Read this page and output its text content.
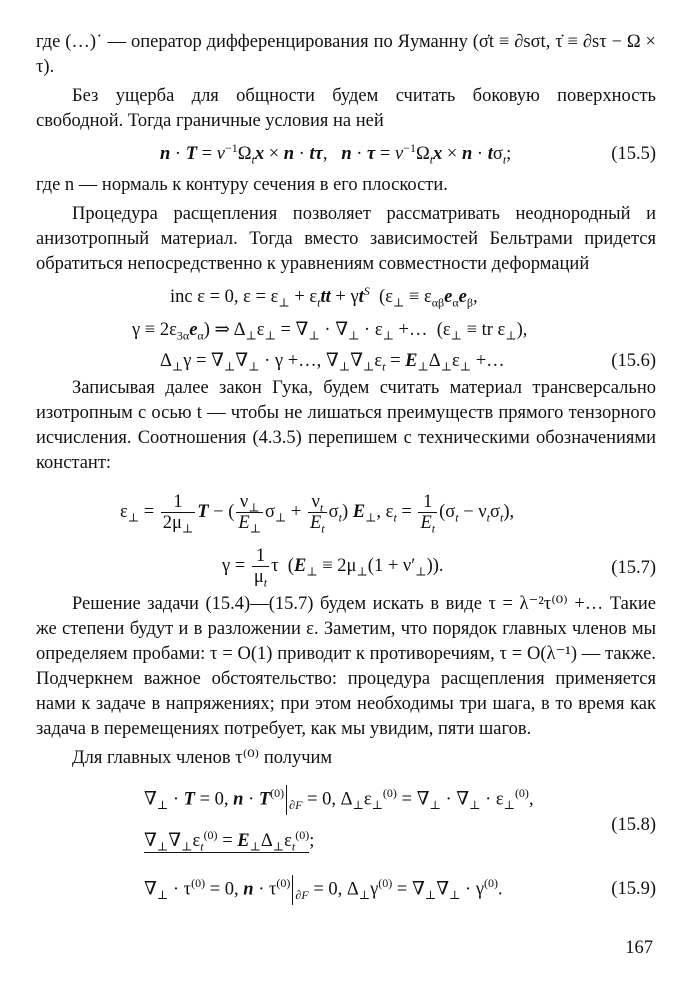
где (…)˙ — оператор дифференцирования по Яуманну (σ̇t ≡ ∂sσt, τ̇ ≡ ∂sτ − Ω × τ).

Без ущерба для общности будем считать боковую поверхность свободной. Тогда граничные условия на ней

$n \cdot T = v^{-1}\Omega_tx \times n \cdot t\tau$,   $n \cdot \tau = v^{-1}\Omega_tx \times n \cdot t\sigma_t$;	(15.5)

где n — нормаль к контуру сечения в его плоскости.

Процедура расщепления позволяет рассматривать неоднородный и анизотропный материал. Тогда вместо зависимостей Бельтрами придется обратиться непосредственно к уравнениям совместности деформаций

inc ε = 0, $\varepsilon = \varepsilon_\perp + \varepsilon_ttt + \gamma t^S$  ($\varepsilon_\perp \equiv \varepsilon_{\alpha\beta}e_\alpha e_\beta$,
$\gamma \equiv 2\varepsilon_{3\alpha}e_\alpha$) ⇒ $\Delta_\perp\varepsilon_\perp = \nabla_\perp \cdot \nabla_\perp \cdot \varepsilon_\perp$ +…  ($\varepsilon_\perp$ ≡ tr $\varepsilon_\perp$),
$\Delta_\perp\gamma = \nabla_\perp\nabla_\perp \cdot \gamma$ +…, $\nabla_\perp\nabla_\perp\varepsilon_t = E_\perp\Delta_\perp\varepsilon_\perp$ +…	(15.6)

Записывая далее закон Гука, будем считать материал трансверсально изотропным с осью t — чтобы не лишаться преимуществ прямого тензорного исчисления. Соотношения (4.3.5) перепишем с техническими обозначениями констант:

$\varepsilon_\perp = \frac{1}{2\mu_\perp}$ T − ( $\frac{\nu_\perp}{E_\perp} \sigma_\perp + \frac{\nu_t}{E_t} \sigma_t$) $E_\perp$, $\varepsilon_t = \frac{1}{E_t} (\sigma_t - \nu_t\sigma_t)$,
$\gamma = \frac{1}{\mu_t}$ τ  $(E_\perp \equiv 2\mu_\perp(1 + \nu'_\perp))$.	(15.7)

Решение задачи (15.4)—(15.7) будем искать в виде τ = λ⁻²τ⁽⁰⁾ +… Такие же степени будут и в разложении ε. Заметим, что порядок главных членов мы определяем пробами: τ = O(1) приводит к противоречиям, τ = O(λ⁻¹) — также. Подчеркнем важное обстоятельство: процедура расщепления применяется нами к задаче в напряжениях; при этом необходимы три шага, в то время как задача в перемещениях потребует, как мы увидим, пяти шагов.

Для главных членов τ⁽⁰⁾ получим

$\nabla_\perp \cdot T = 0$, $n \cdot T^{(0)}_{\partial F} = 0$, $\Delta_\perp\varepsilon_\perp^{(0)} = \nabla_\perp \cdot \nabla_\perp \cdot \varepsilon_\perp^{(0)}$,
$\nabla_\perp\nabla_\perp\varepsilon_t^{(0)} = E_\perp\Delta_\perp\varepsilon_t^{(0)}$;
(15.8)
$\nabla_\perp \cdot \tau^{(0)} = 0$, $n \cdot \tau^{(0)}_{\partial F} = 0$, $\Delta_\perp\gamma^{(0)} = \nabla_\perp\nabla_\perp \cdot \gamma^{(0)}$.	(15.9)
167
